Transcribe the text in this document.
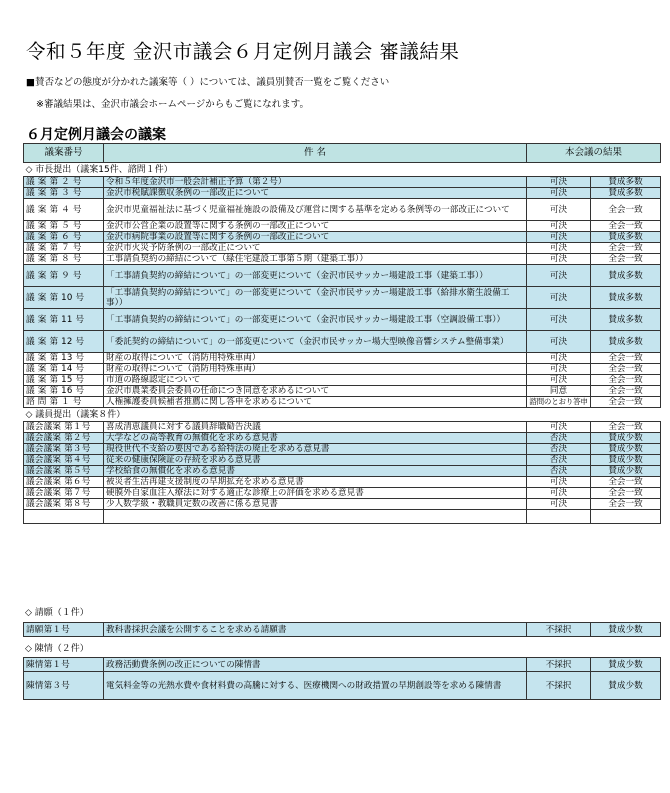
令和５年度 金沢市議会６月定例月議会 審議結果
■賛否などの態度が分かれた議案等（ ）については、議員別賛否一覧をご覧ください
※審議結果は、金沢市議会ホームページからもご覧になれます。
６月定例月議会の議案
議案番号	件 名	本会議の結果	
◇ 市長提出（議案15件、諮問１件）			
議 案 第 ２ 号	令和５年度金沢市一般会計補正予算（第２号）	可決	賛成多数
議 案 第 ３ 号	金沢市税賦課徴収条例の一部改正について	可決	賛成多数
議 案 第 ４ 号	金沢市児童福祉法に基づく児童福祉施設の設備及び運営に関する基準を定める条例等の一部改正について	可決	全会一致
議 案 第 ５ 号	金沢市公営企業の設置等に関する条例の一部改正について	可決	全会一致
議 案 第 ６ 号	金沢市病院事業の設置等に関する条例の一部改正について	可決	賛成多数
議 案 第 ７ 号	金沢市火災予防条例の一部改正について	可決	全会一致
議 案 第 ８ 号	工事請負契約の締結について（緑住宅建設工事第５期（建築工事））	可決	全会一致
議 案 第 ９ 号	「工事請負契約の締結について」の一部変更について（金沢市民サッカー場建設工事（建築工事））	可決	賛成多数
議 案 第 10 号	「工事請負契約の締結について」の一部変更について（金沢市民サッカー場建設工事（給排水衛生設備工事））	可決	賛成多数
議 案 第 11 号	「工事請負契約の締結について」の一部変更について（金沢市民サッカー場建設工事（空調設備工事））	可決	賛成多数
議 案 第 12 号	「委託契約の締結について」の一部変更について（金沢市民サッカー場大型映像音響システム整備事業）	可決	賛成多数
議 案 第 13 号	財産の取得について（消防用特殊車両）	可決	全会一致
議 案 第 14 号	財産の取得について（消防用特殊車両）	可決	全会一致
議 案 第 15 号	市道の路線認定について	可決	全会一致
議 案 第 16 号	金沢市農業委員会委員の任命につき同意を求めるについて	同意	全会一致
諮 問 第 １ 号	人権擁護委員候補者推薦に関し答申を求めるについて	諮問のとおり答申	全会一致
◇ 議員提出（議案８件）			
議会議案 第１号	喜成清恵議員に対する議員辞職勧告決議	可決	全会一致
議会議案 第２号	大学などの高等教育の無償化を求める意見書	否決	賛成少数
議会議案 第３号	現役世代不支給の要因である給特法の廃止を求める意見書	否決	賛成少数
議会議案 第４号	従来の健康保険証の存続を求める意見書	否決	賛成少数
議会議案 第５号	学校給食の無償化を求める意見書	否決	賛成少数
議会議案 第６号	被災者生活再建支援制度の早期拡充を求める意見書	可決	全会一致
議会議案 第７号	硬膜外自家血注入療法に対する適正な診療上の評価を求める意見書	可決	全会一致
議会議案 第８号	少人数学級・教職員定数の改善に係る意見書	可決	全会一致

◇ 請願（１件）
請願第１号	教科書採択会議を公開することを求める請願書	不採択	賛成少数
◇ 陳情（２件）
陳情第１号	政務活動費条例の改正についての陳情書	不採択	賛成少数
陳情第３号	電気料金等の光熱水費や食材料費の高騰に対する、医療機関への財政措置の早期創設等を求める陳情書	不採択	賛成少数
